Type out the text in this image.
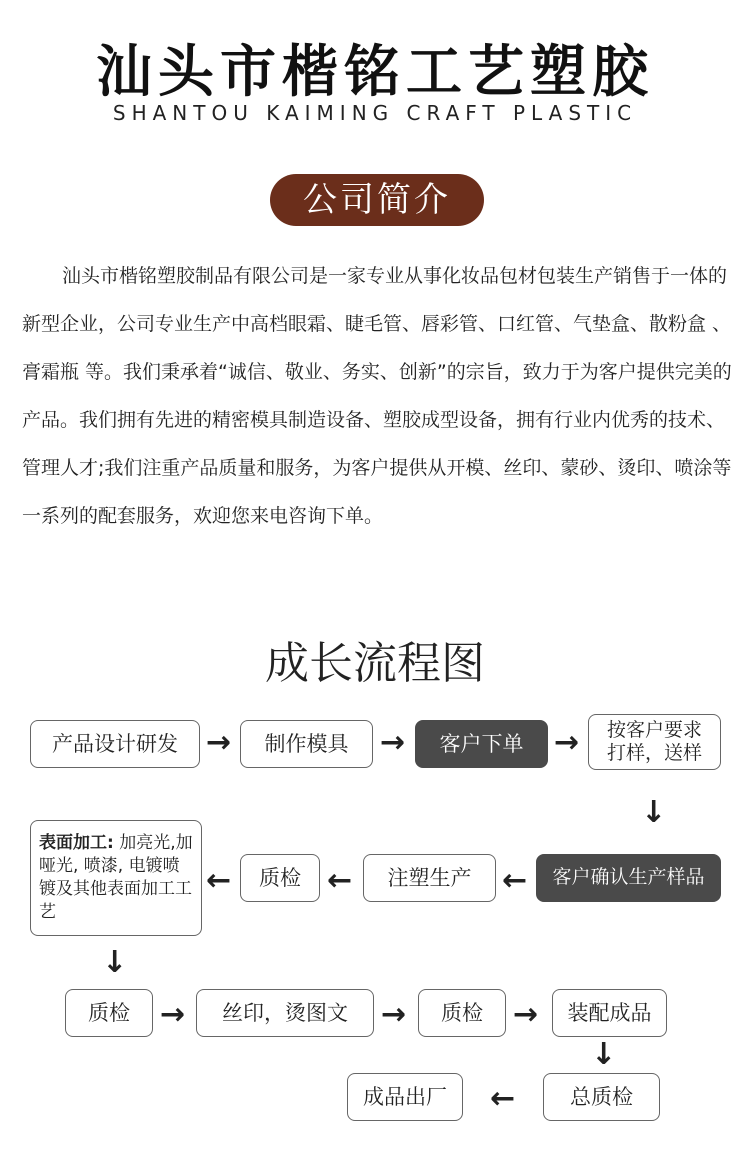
汕头市楷铭工艺塑胶
SHANTOU KAIMING CRAFT PLASTIC
公司简介
汕头市楷铭塑胶制品有限公司是一家专业从事化妆品包材包装生产销售于一体的新型企业，公司专业生产中高档眼霜、睫毛管、唇彩管、口红管、气垫盒、散粉盒 、膏霜瓶 等。我们秉承着“诚信、敬业、务实、创新”的宗旨，致力于为客户提供完美的产品。我们拥有先进的精密模具制造设备、塑胶成型设备，拥有行业内优秀的技术、管理人才;我们注重产品质量和服务，为客户提供从开模、丝印、蒙砂、烫印、喷涂等一系列的配套服务，欢迎您来电咨询下单。
成长流程图
产品设计研发 →	制作模具	→	客户下单	→ 按客户要求
打样，送样
↓
表面加工: 加亮光,加哑光, 喷漆, 电镀喷镀及其他表面加工工艺
←	质检 ←	注塑生产	←	客户确认生产样品
↓
质检	→	丝印，烫图文	→	质检	→	装配成品
↓
成品出厂	←	总质检
